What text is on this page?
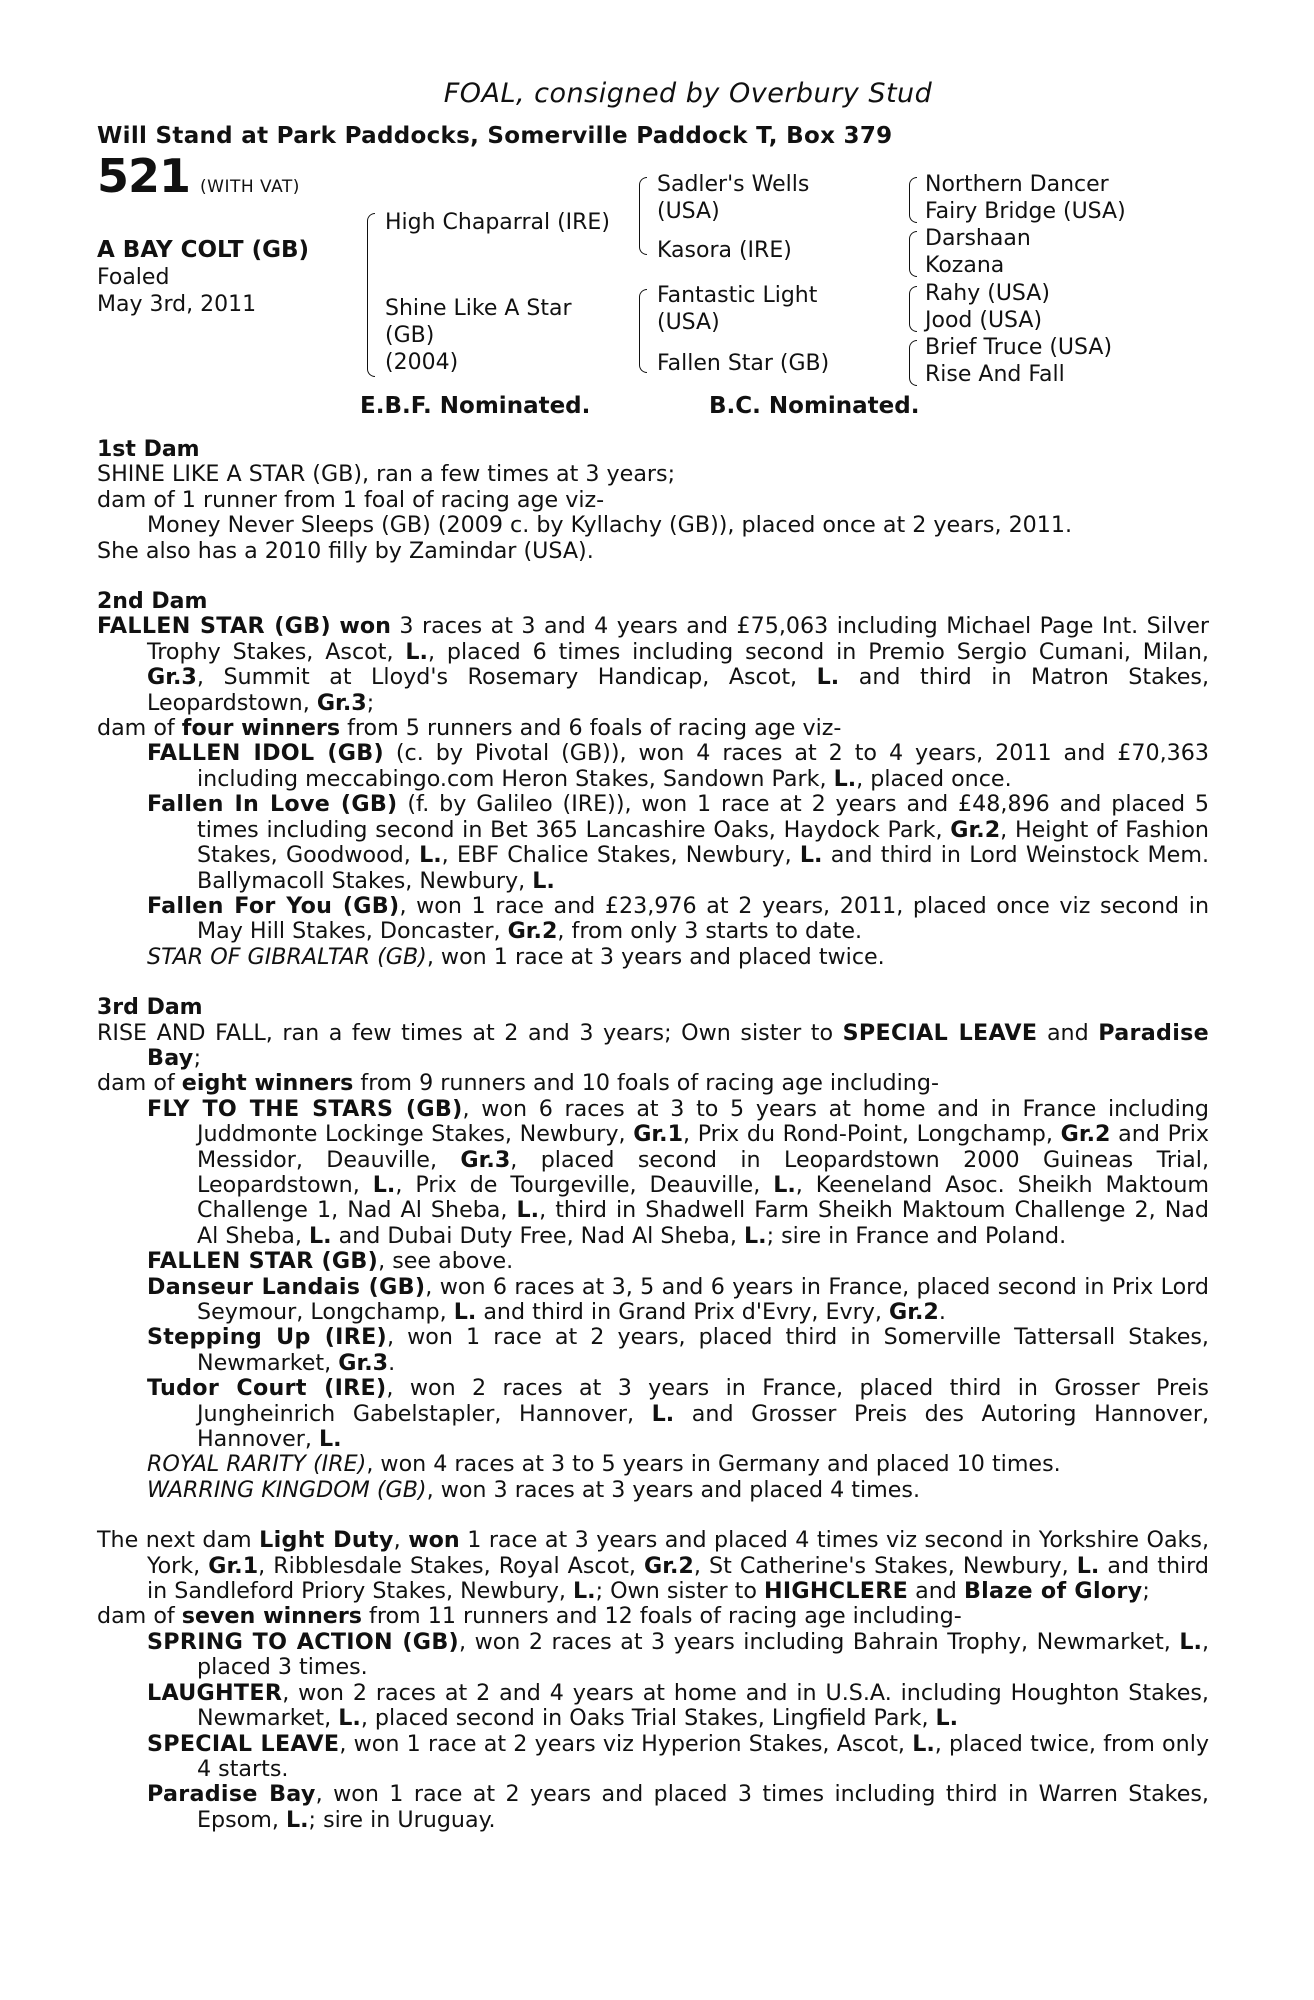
FOAL, consigned by Overbury Stud
Will Stand at Park Paddocks, Somerville Paddock T, Box 379
521 (WITH VAT)
A BAY COLT (GB)
Foaled
May 3rd, 2011
High Chaparral (IRE)
Shine Like A Star
(GB)
(2004)
Sadler's Wells
(USA)
Kasora (IRE)
Fantastic Light
(USA)
Fallen Star (GB)
Northern Dancer
Fairy Bridge (USA)
Darshaan
Kozana
Rahy (USA)
Jood (USA)
Brief Truce (USA)
Rise And Fall
E.B.F. Nominated.	B.C. Nominated.
1st Dam
SHINE LIKE A STAR (GB), ran a few times at 3 years;
dam of 1 runner from 1 foal of racing age viz-
Money Never Sleeps (GB) (2009 c. by Kyllachy (GB)), placed once at 2 years, 2011.
She also has a 2010 filly by Zamindar (USA).
2nd Dam
FALLEN STAR (GB) won 3 races at 3 and 4 years and £75,063 including Michael Page Int. Silver Trophy Stakes, Ascot, L., placed 6 times including second in Premio Sergio Cumani, Milan, Gr.3, Summit at Lloyd's Rosemary Handicap, Ascot, L. and third in Matron Stakes, Leopardstown, Gr.3;
dam of four winners from 5 runners and 6 foals of racing age viz-
FALLEN IDOL (GB) (c. by Pivotal (GB)), won 4 races at 2 to 4 years, 2011 and £70,363 including meccabingo.com Heron Stakes, Sandown Park, L., placed once.
Fallen In Love (GB) (f. by Galileo (IRE)), won 1 race at 2 years and £48,896 and placed 5 times including second in Bet 365 Lancashire Oaks, Haydock Park, Gr.2, Height of Fashion Stakes, Goodwood, L., EBF Chalice Stakes, Newbury, L. and third in Lord Weinstock Mem. Ballymacoll Stakes, Newbury, L.
Fallen For You (GB), won 1 race and £23,976 at 2 years, 2011, placed once viz second in May Hill Stakes, Doncaster, Gr.2, from only 3 starts to date.
STAR OF GIBRALTAR (GB), won 1 race at 3 years and placed twice.
3rd Dam
RISE AND FALL, ran a few times at 2 and 3 years; Own sister to SPECIAL LEAVE and Paradise Bay;
dam of eight winners from 9 runners and 10 foals of racing age including-
FLY TO THE STARS (GB), won 6 races at 3 to 5 years at home and in France including Juddmonte Lockinge Stakes, Newbury, Gr.1, Prix du Rond-Point, Longchamp, Gr.2 and Prix Messidor, Deauville, Gr.3, placed second in Leopardstown 2000 Guineas Trial, Leopardstown, L., Prix de Tourgeville, Deauville, L., Keeneland Asoc. Sheikh Maktoum Challenge 1, Nad Al Sheba, L., third in Shadwell Farm Sheikh Maktoum Challenge 2, Nad Al Sheba, L. and Dubai Duty Free, Nad Al Sheba, L.; sire in France and Poland.
FALLEN STAR (GB), see above.
Danseur Landais (GB), won 6 races at 3, 5 and 6 years in France, placed second in Prix Lord Seymour, Longchamp, L. and third in Grand Prix d'Evry, Evry, Gr.2.
Stepping Up (IRE), won 1 race at 2 years, placed third in Somerville Tattersall Stakes, Newmarket, Gr.3.
Tudor Court (IRE), won 2 races at 3 years in France, placed third in Grosser Preis Jungheinrich Gabelstapler, Hannover, L. and Grosser Preis des Autoring Hannover, Hannover, L.
ROYAL RARITY (IRE), won 4 races at 3 to 5 years in Germany and placed 10 times.
WARRING KINGDOM (GB), won 3 races at 3 years and placed 4 times.
The next dam Light Duty, won 1 race at 3 years and placed 4 times viz second in Yorkshire Oaks, York, Gr.1, Ribblesdale Stakes, Royal Ascot, Gr.2, St Catherine's Stakes, Newbury, L. and third in Sandleford Priory Stakes, Newbury, L.; Own sister to HIGHCLERE and Blaze of Glory;
dam of seven winners from 11 runners and 12 foals of racing age including-
SPRING TO ACTION (GB), won 2 races at 3 years including Bahrain Trophy, Newmarket, L., placed 3 times.
LAUGHTER, won 2 races at 2 and 4 years at home and in U.S.A. including Houghton Stakes, Newmarket, L., placed second in Oaks Trial Stakes, Lingfield Park, L.
SPECIAL LEAVE, won 1 race at 2 years viz Hyperion Stakes, Ascot, L., placed twice, from only 4 starts.
Paradise Bay, won 1 race at 2 years and placed 3 times including third in Warren Stakes, Epsom, L.; sire in Uruguay.
